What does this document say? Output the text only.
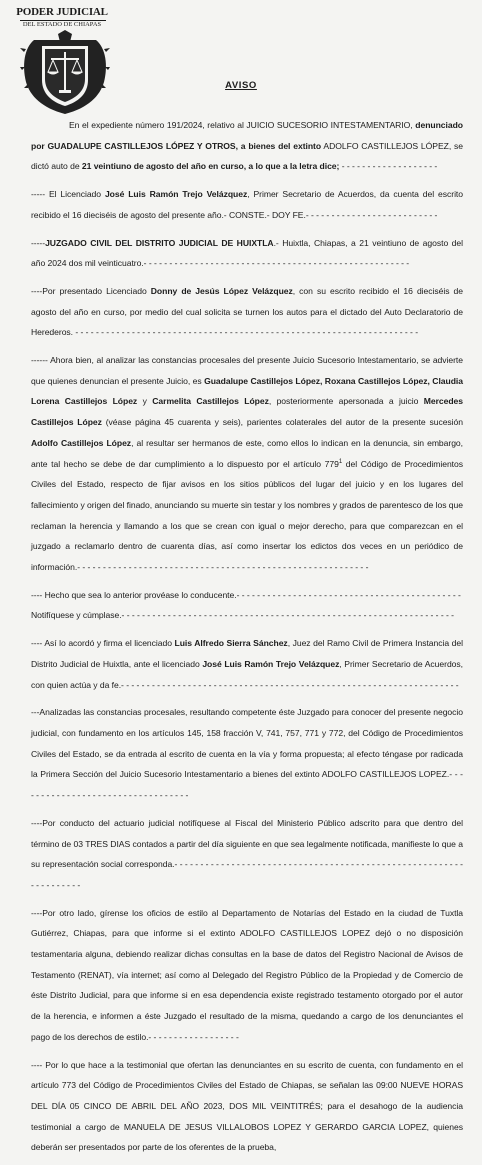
PODER JUDICIAL
DEL ESTADO DE CHIAPAS
AVISO

En el expediente número 191/2024, relativo al JUICIO SUCESORIO INTESTAMENTARIO, denunciado por GUADALUPE CASTILLEJOS LÓPEZ Y OTROS, a bienes del extinto ADOLFO CASTILLEJOS LÓPEZ, se dictó auto de 21 veintiuno de agosto del año en curso, a lo que a la letra dice; - - - - - - - - - - - - - - - - - - -

----- El Licenciado José Luis Ramón Trejo Velázquez, Primer Secretario de Acuerdos, da cuenta del escrito recibido el 16 dieciséis de agosto del presente año.- CONSTE.- DOY FE.- - - - - - - - - - - - - - - - - - - - - - - - - -

-----JUZGADO CIVIL DEL DISTRITO JUDICIAL DE HUIXTLA.- Huixtla, Chiapas, a 21 veintiuno de agosto del año 2024 dos mil veinticuatro.- - - - - - - - - - - - - - - - - - - - - - - - - - - - - - - - - - - - - - - - - - - - - - - - - - - -

----Por presentado Licenciado Donny de Jesús López Velázquez, con su escrito recibido el 16 dieciséis de agosto del año en curso, por medio del cual solicita se turnen los autos para el dictado del Auto Declaratorio de Herederos. - - - - - - - - - - - - - - - - - - - - - - - - - - - - - - - - - - - - - - - - - - - - - - - - - - - - - - - - - - - - - - - - - - -

------ Ahora bien, al analizar las constancias procesales del presente Juicio Sucesorio Intestamentario, se advierte que quienes denuncian el presente Juicio, es Guadalupe Castillejos López, Roxana Castillejos López, Claudia Lorena Castillejos López y Carmelita Castillejos López, posteriormente apersonada a juicio Mercedes Castillejos López (véase página 45 cuarenta y seis), parientes colaterales del autor de la presente sucesión Adolfo Castillejos López, al resultar ser hermanos de este, como ellos lo indican en la denuncia, sin embargo, ante tal hecho se debe de dar cumplimiento a lo dispuesto por el artículo $779^1$ del Código de Procedimientos Civiles del Estado, respecto de fijar avisos en los sitios públicos del lugar del juicio y en los lugares del fallecimiento y origen del finado, anunciando su muerte sin testar y los nombres y grados de parentesco de los que reclaman la herencia y llamando a los que se crean con igual o mejor derecho, para que comparezcan en el juzgado a reclamarlo dentro de cuarenta días, así como insertar los edictos dos veces en un periódico de información.- - - - - - - - - - - - - - - - - - - - - - - - - - - - - - - - - - - - - - - - - - - - - - - - - - - - - - - - -

---- Hecho que sea lo anterior provéase lo conducente.- - - - - - - - - - - - - - - - - - - - - - - - - - - - - - - - - - - - - - - - - - - -

Notifíquese y cúmplase.- - - - - - - - - - - - - - - - - - - - - - - - - - - - - - - - - - - - - - - - - - - - - - - - - - - - - - - - - - - - - - - - -

---- Así lo acordó y firma el licenciado Luis Alfredo Sierra Sánchez, Juez del Ramo Civil de Primera Instancia del Distrito Judicial de Huixtla, ante el licenciado José Luis Ramón Trejo Velázquez, Primer Secretario de Acuerdos, con quien actúa y da fe.- - - - - - - - - - - - - - - - - - - - - - - - - - - - - - - - - - - - - - - - - - - - - - - - - - - - - - - - - - - - - - - - - -

---Analizadas las constancias procesales, resultando competente éste Juzgado para conocer del presente negocio judicial, con fundamento en los artículos 145, 158 fracción V, 741, 757, 771 y 772, del Código de Procedimientos Civiles del Estado, se da entrada al escrito de cuenta en la vía y forma propuesta; al efecto téngase por radicada la Primera Sección del Juicio Sucesorio Intestamentario a bienes del extinto ADOLFO CASTILLEJOS LOPEZ.- - - - - - - - - - - - - - - - - - - - - - - - - - - - - - - - - -

----Por conducto del actuario judicial notifíquese al Fiscal del Ministerio Público adscrito para que dentro del término de 03 TRES DIAS contados a partir del día siguiente en que sea legalmente notificada, manifieste lo que a su representación social corresponda.- - - - - - - - - - - - - - - - - - - - - - - - - - - - - - - - - - - - - - - - - - - - - - - - - - - - - - - - - - - - - - - - - -

----Por otro lado, gírense los oficios de estilo al Departamento de Notarías del Estado en la ciudad de Tuxtla Gutiérrez, Chiapas, para que informe si el extinto ADOLFO CASTILLEJOS LOPEZ dejó o no disposición testamentaria alguna, debiendo realizar dichas consultas en la base de datos del Registro Nacional de Avisos de Testamento (RENAT), vía internet; así como al Delegado del Registro Público de la Propiedad y de Comercio de éste Distrito Judicial, para que informe si en esa dependencia existe registrado testamento otorgado por el autor de la herencia, e informen a éste Juzgado el resultado de la misma, quedando a cargo de los denunciantes el pago de los derechos de estilo.- - - - - - - - - - - - - - - - - -

---- Por lo que hace a la testimonial que ofertan las denunciantes en su escrito de cuenta, con fundamento en el artículo 773 del Código de Procedimientos Civiles del Estado de Chiapas, se señalan las 09:00 NUEVE HORAS DEL DÍA 05 CINCO DE ABRIL DEL AÑO 2023, DOS MIL VEINTITRÉS; para el desahogo de la audiencia testimonial a cargo de MANUELA DE JESUS VILLALOBOS LOPEZ Y GERARDO GARCIA LOPEZ, quienes deberán ser presentados por parte de los oferentes de la prueba,
